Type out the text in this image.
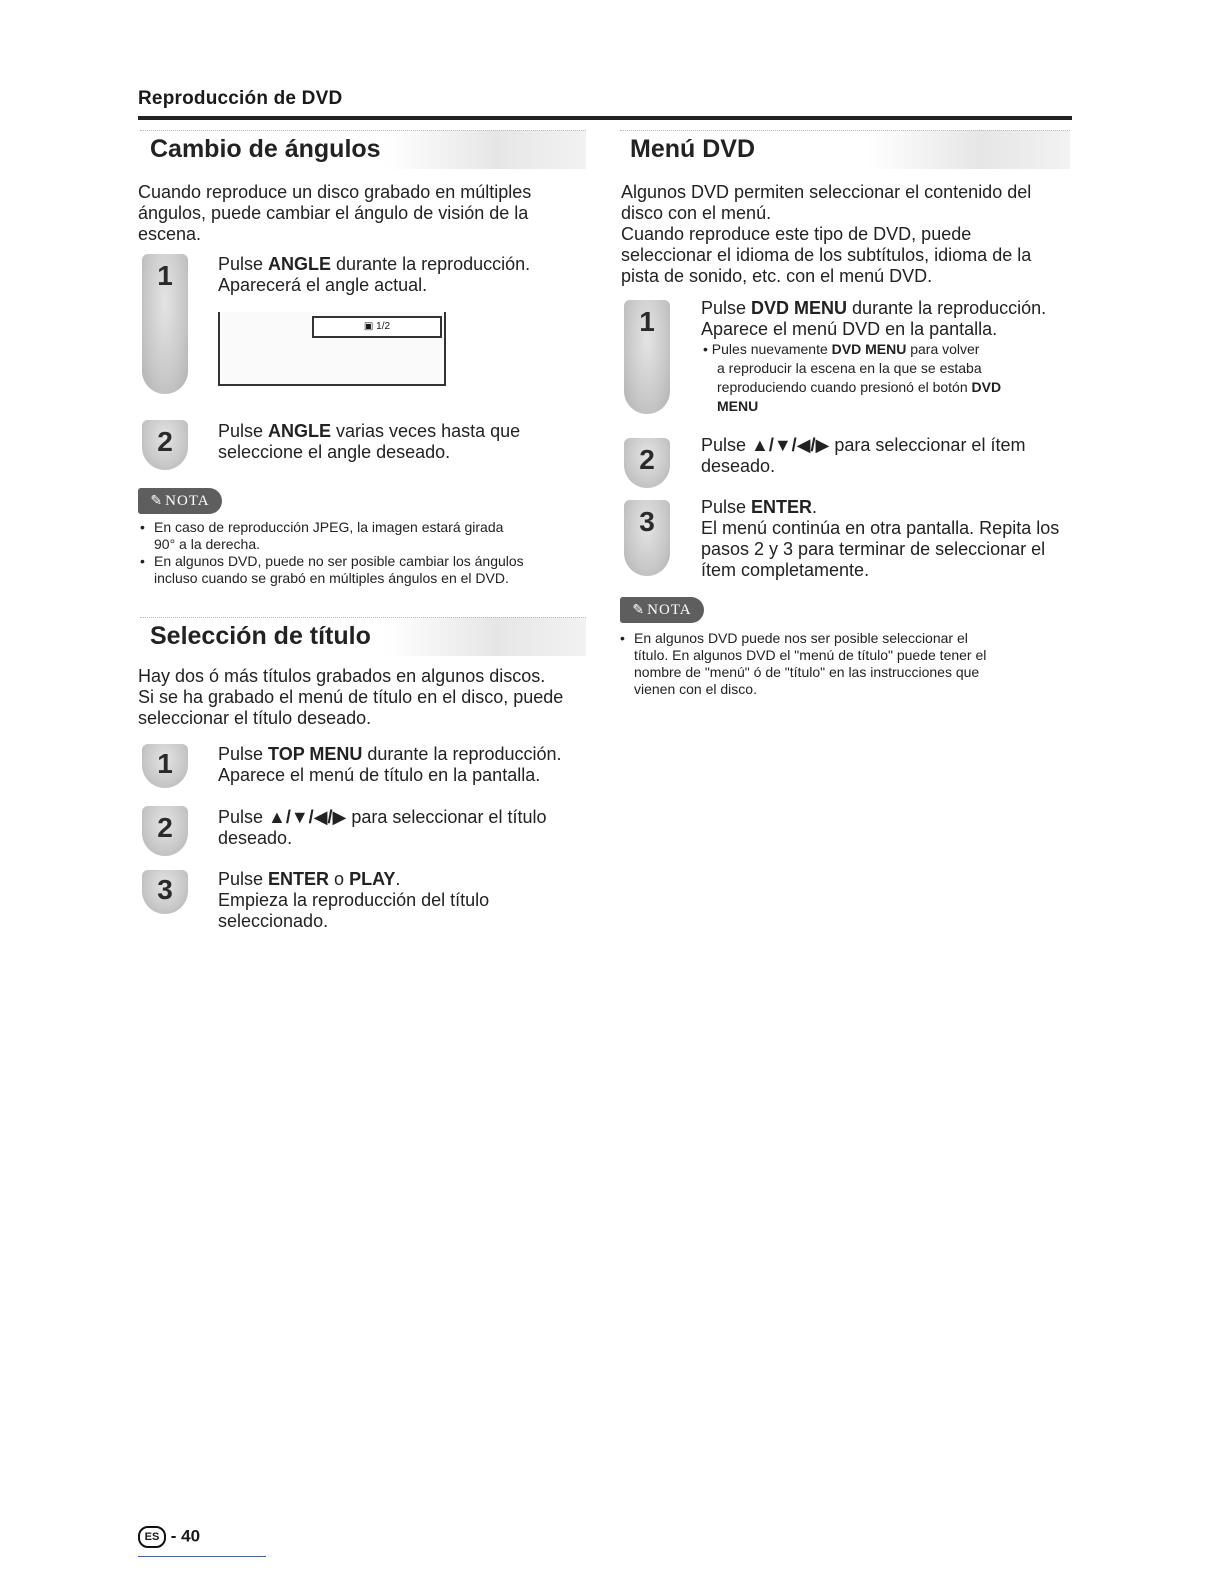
Reproducción de DVD
Cambio de ángulos
Cuando reproduce un disco grabado en múltiples
ángulos, puede cambiar el ángulo de visión de la
escena.
1	Pulse ANGLE durante la reproducción.
Aparecerá el angle actual.
▣ 1/2
2	Pulse ANGLE varias veces hasta que
seleccione el angle deseado.
✎ NOTA
• En caso de reproducción JPEG, la imagen estará girada
90° a la derecha.
• En algunos DVD, puede no ser posible cambiar los ángulos
incluso cuando se grabó en múltiples ángulos en el DVD.
Selección de título
Hay dos ó más títulos grabados en algunos discos.
Si se ha grabado el menú de título en el disco, puede
seleccionar el título deseado.
1	Pulse TOP MENU durante la reproducción.
Aparece el menú de título en la pantalla.
2	Pulse ▲/▼/◀/▶ para seleccionar el título
deseado.
3	Pulse ENTER o PLAY.
Empieza la reproducción del título
seleccionado.
Menú DVD
Algunos DVD permiten seleccionar el contenido del
disco con el menú.
Cuando reproduce este tipo de DVD, puede
seleccionar el idioma de los subtítulos, idioma de la
pista de sonido, etc. con el menú DVD.
1	Pulse DVD MENU durante la reproducción.
Aparece el menú DVD en la pantalla.
• Pules nuevamente DVD MENU para volver
a reproducir la escena en la que se estaba
reproduciendo cuando presionó el botón DVD
MENU
2	Pulse ▲/▼/◀/▶ para seleccionar el ítem
deseado.
3	Pulse ENTER.
El menú continúa en otra pantalla. Repita los
pasos 2 y 3 para terminar de seleccionar el
ítem completamente.
✎ NOTA
• En algunos DVD puede nos ser posible seleccionar el
título. En algunos DVD el "menú de título" puede tener el
nombre de "menú" ó de "título" en las instrucciones que
vienen con el disco.
ES - 40
